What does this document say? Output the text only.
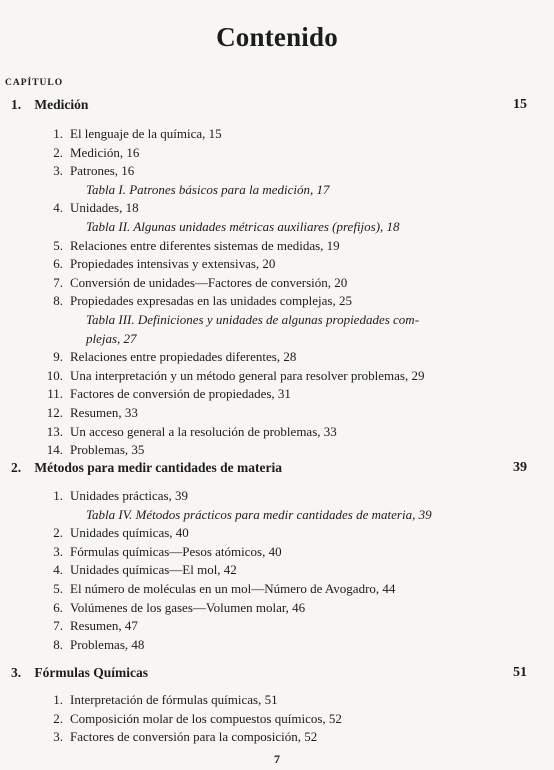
Contenido
CAPÍTULO
1. Medición	15
1. El lenguaje de la química, 15
2. Medición, 16
3. Patrones, 16
Tabla I. Patrones básicos para la medición, 17
4. Unidades, 18
Tabla II. Algunas unidades métricas auxiliares (prefijos), 18
5. Relaciones entre diferentes sistemas de medidas, 19
6. Propiedades intensivas y extensivas, 20
7. Conversión de unidades—Factores de conversión, 20
8. Propiedades expresadas en las unidades complejas, 25
Tabla III. Definiciones y unidades de algunas propiedades com-
plejas, 27
9. Relaciones entre propiedades diferentes, 28
10. Una interpretación y un método general para resolver problemas, 29
11. Factores de conversión de propiedades, 31
12. Resumen, 33
13. Un acceso general a la resolución de problemas, 33
14. Problemas, 35
2. Métodos para medir cantidades de materia	39
1. Unidades prácticas, 39
Tabla IV. Métodos prácticos para medir cantidades de materia, 39
2. Unidades químicas, 40
3. Fórmulas químicas—Pesos atómicos, 40
4. Unidades químicas—El mol, 42
5. El número de moléculas en un mol—Número de Avogadro, 44
6. Volúmenes de los gases—Volumen molar, 46
7. Resumen, 47
8. Problemas, 48
3. Fórmulas Químicas	51
1. Interpretación de fórmulas químicas, 51
2. Composición molar de los compuestos químicos, 52
3. Factores de conversión para la composición, 52
7
